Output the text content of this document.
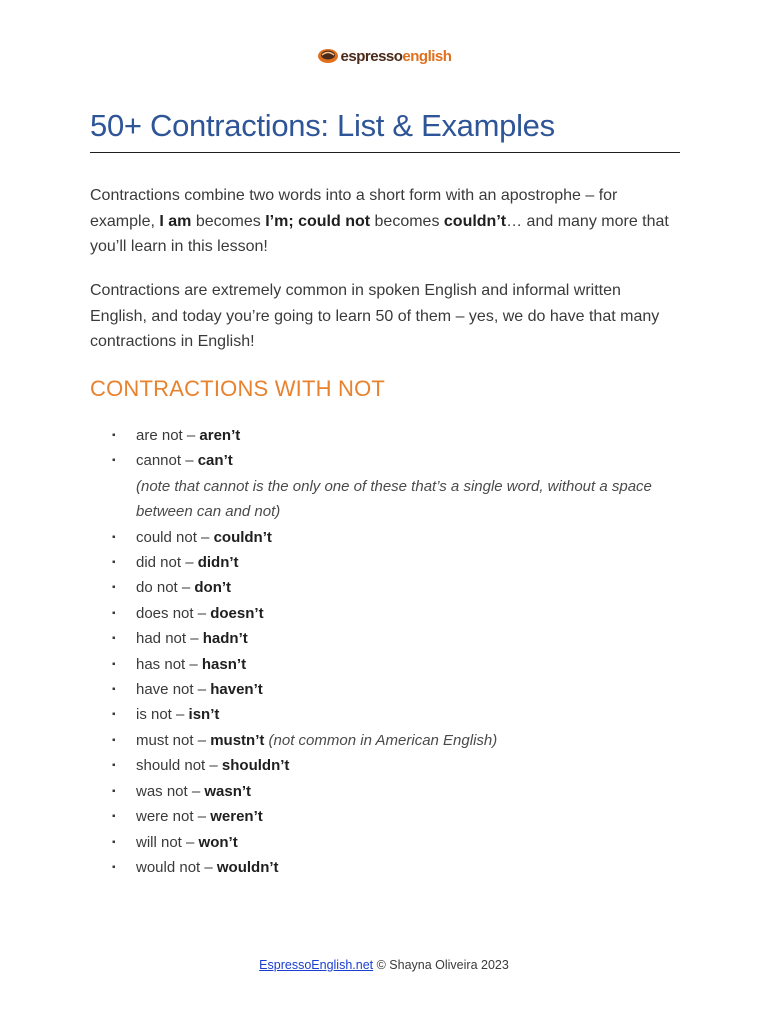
espressoenglish
50+ Contractions: List & Examples
Contractions combine two words into a short form with an apostrophe – for example, I am becomes I’m; could not becomes couldn’t… and many more that you’ll learn in this lesson!
Contractions are extremely common in spoken English and informal written English, and today you’re going to learn 50 of them – yes, we do have that many contractions in English!
CONTRACTIONS WITH NOT
▪ are not – aren’t
▪ cannot – can’t
(note that cannot is the only one of these that’s a single word, without a space between can and not)
▪ could not – couldn’t
▪ did not – didn’t
▪ do not – don’t
▪ does not – doesn’t
▪ had not – hadn’t
▪ has not – hasn’t
▪ have not – haven’t
▪ is not – isn’t
▪ must not – mustn’t (not common in American English)
▪ should not – shouldn’t
▪ was not – wasn’t
▪ were not – weren’t
▪ will not – won’t
▪ would not – wouldn’t
EspressoEnglish.net © Shayna Oliveira 2023
